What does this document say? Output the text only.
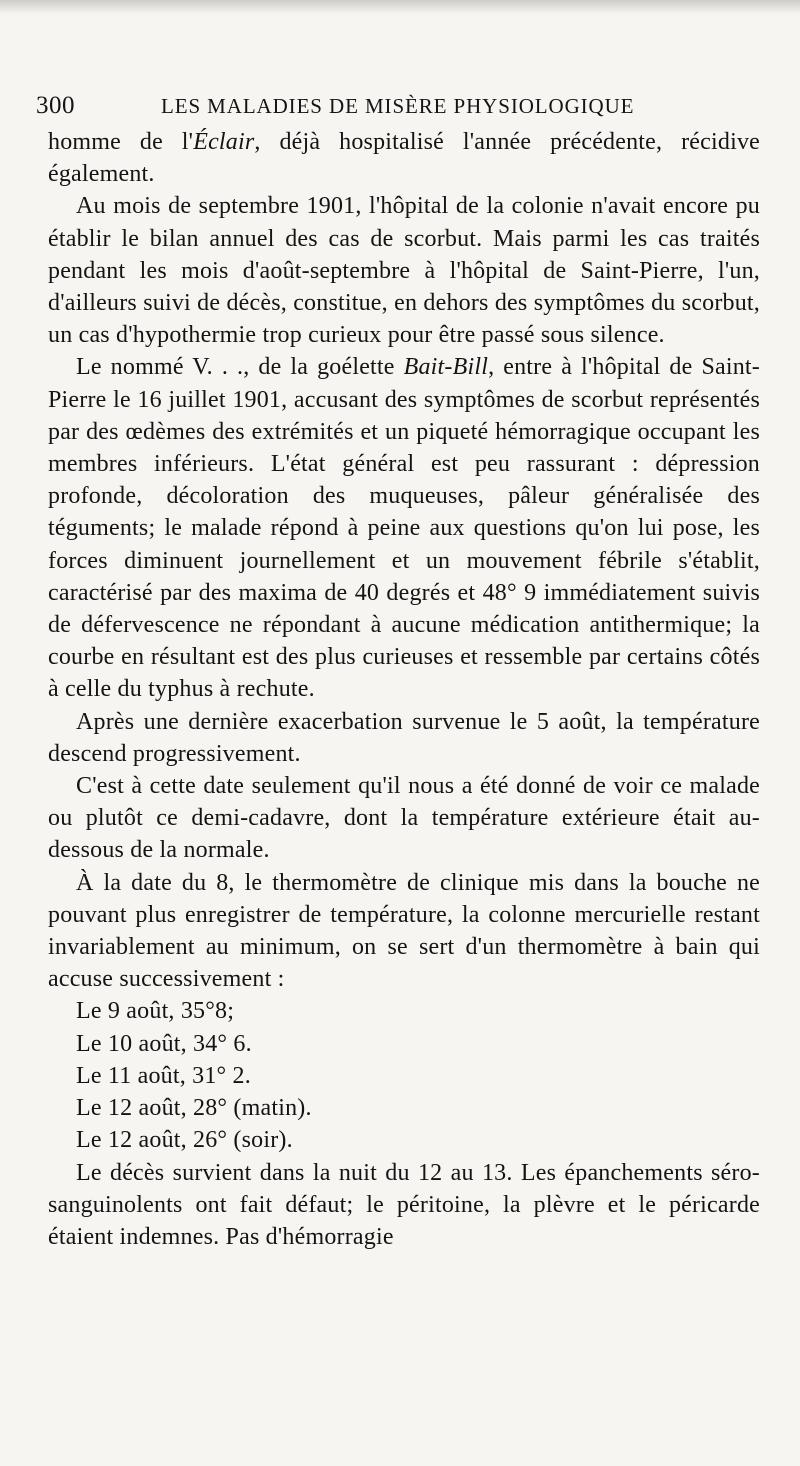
300	LES MALADIES DE MISÈRE PHYSIOLOGIQUE

homme de l'Éclair, déjà hospitalisé l'année précédente, récidive également.

Au mois de septembre 1901, l'hôpital de la colonie n'avait encore pu établir le bilan annuel des cas de scorbut. Mais parmi les cas traités pendant les mois d'août-septembre à l'hôpital de Saint-Pierre, l'un, d'ailleurs suivi de décès, constitue, en dehors des symptômes du scorbut, un cas d'hypothermie trop curieux pour être passé sous silence.

Le nommé V. . ., de la goélette Bait-Bill, entre à l'hôpital de Saint-Pierre le 16 juillet 1901, accusant des symptômes de scorbut représentés par des œdèmes des extrémités et un piqueté hémorragique occupant les membres inférieurs. L'état général est peu rassurant : dépression profonde, décoloration des muqueuses, pâleur généralisée des téguments; le malade répond à peine aux questions qu'on lui pose, les forces diminuent journellement et un mouvement fébrile s'établit, caractérisé par des maxima de 40 degrés et 48° 9 immédiatement suivis de défervescence ne répondant à aucune médication antithermique; la courbe en résultant est des plus curieuses et ressemble par certains côtés à celle du typhus à rechute.

Après une dernière exacerbation survenue le 5 août, la température descend progressivement.

C'est à cette date seulement qu'il nous a été donné de voir ce malade ou plutôt ce demi-cadavre, dont la température extérieure était au-dessous de la normale.

À la date du 8, le thermomètre de clinique mis dans la bouche ne pouvant plus enregistrer de température, la colonne mercurielle restant invariablement au minimum, on se sert d'un thermomètre à bain qui accuse successivement :

Le 9 août, 35°8;

Le 10 août, 34° 6.

Le 11 août, 31° 2.

Le 12 août, 28° (matin).

Le 12 août, 26° (soir).

Le décès survient dans la nuit du 12 au 13. Les épanchements séro-sanguinolents ont fait défaut; le péritoine, la plèvre et le péricarde étaient indemnes. Pas d'hémorragie
